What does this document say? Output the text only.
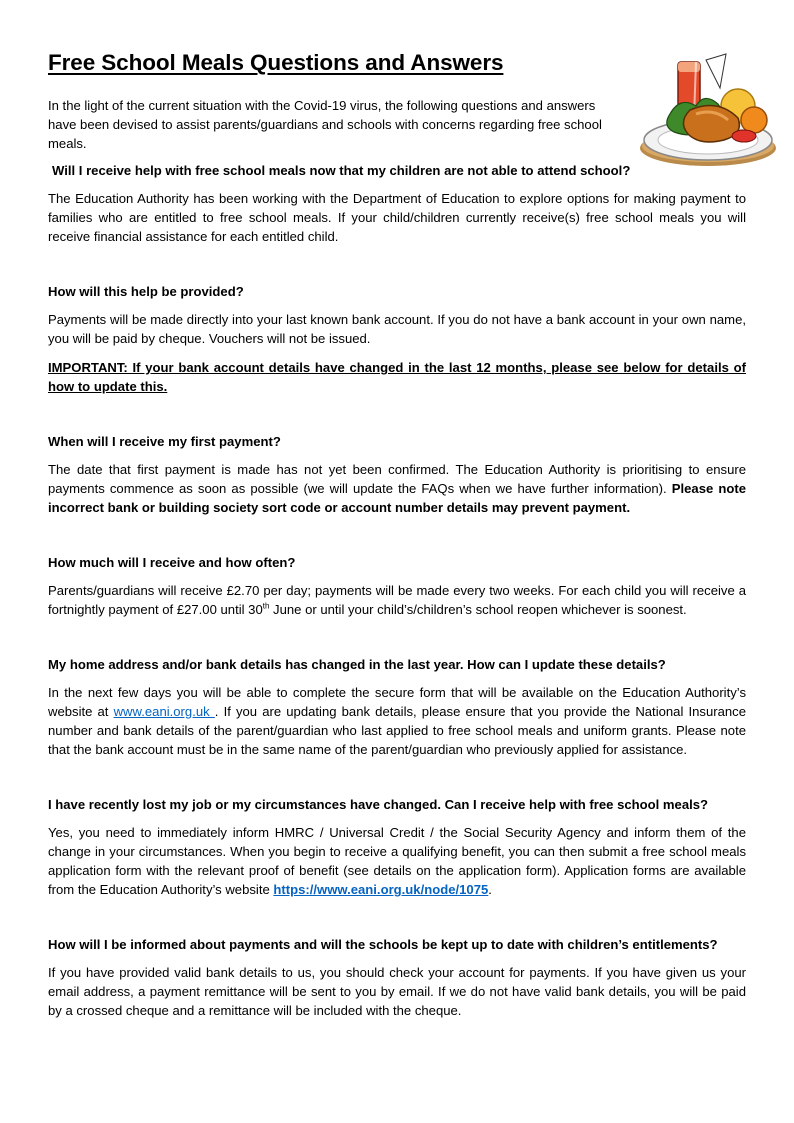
Free School Meals Questions and Answers

In the light of the current situation with the Covid-19 virus, the following questions and answers have been devised to assist parents/guardians and schools with concerns regarding free school meals.

Will I receive help with free school meals now that my children are not able to attend school?

The Education Authority has been working with the Department of Education to explore options for making payment to families who are entitled to free school meals. If your child/children currently receive(s) free school meals you will receive financial assistance for each entitled child.

How will this help be provided?

Payments will be made directly into your last known bank account. If you do not have a bank account in your own name, you will be paid by cheque. Vouchers will not be issued.

IMPORTANT: If your bank account details have changed in the last 12 months, please see below for details of how to update this.

When will I receive my first payment?

The date that first payment is made has not yet been confirmed. The Education Authority is prioritising to ensure payments commence as soon as possible (we will update the FAQs when we have further information). Please note incorrect bank or building society sort code or account number details may prevent payment.

How much will I receive and how often?

Parents/guardians will receive £2.70 per day; payments will be made every two weeks. For each child you will receive a fortnightly payment of £27.00 until 30th June or until your child’s/children’s school reopen whichever is soonest.

My home address and/or bank details has changed in the last year. How can I update these details?

In the next few days you will be able to complete the secure form that will be available on the Education Authority’s website at www.eani.org.uk . If you are updating bank details, please ensure that you provide the National Insurance number and bank details of the parent/guardian who last applied to free school meals and uniform grants. Please note that the bank account must be in the same name of the parent/guardian who previously applied for assistance.

I have recently lost my job or my circumstances have changed. Can I receive help with free school meals?

Yes, you need to immediately inform HMRC / Universal Credit / the Social Security Agency and inform them of the change in your circumstances. When you begin to receive a qualifying benefit, you can then submit a free school meals application form with the relevant proof of benefit (see details on the application form). Application forms are available from the Education Authority’s website https://www.eani.org.uk/node/1075.

How will I be informed about payments and will the schools be kept up to date with children’s entitlements?

If you have provided valid bank details to us, you should check your account for payments. If you have given us your email address, a payment remittance will be sent to you by email. If we do not have valid bank details, you will be paid by a crossed cheque and a remittance will be included with the cheque.
